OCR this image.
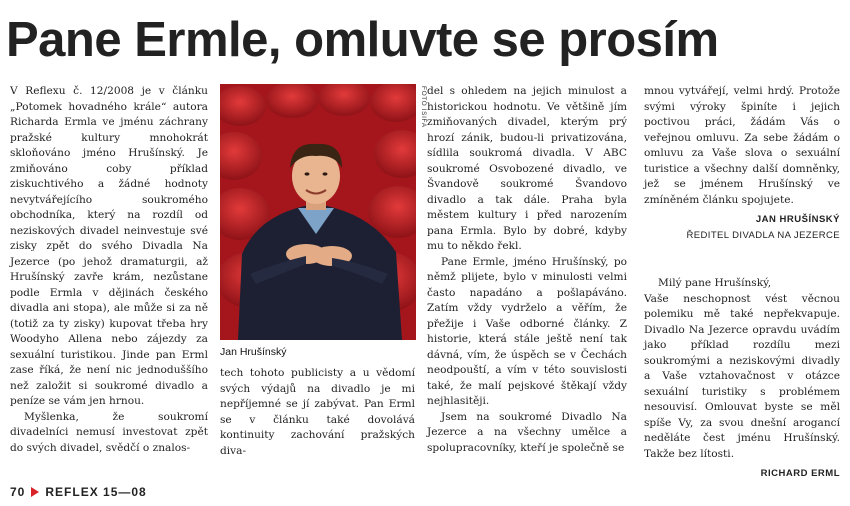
Pane Ermle, omluvte se prosím

V Reflexu č. 12/2008 je v článku „Potomek hovadného krále“ autora Richarda Ermla ve jménu záchrany pražské kultury mnohokrát skloňováno jméno Hrušínský. Je zmiňováno coby příklad ziskuchtivého a žádné hodnoty nevytvářejícího soukromého obchodníka, který na rozdíl od neziskových divadel neinvestuje své zisky zpět do svého Divadla Na Jezerce (po jehož dramaturgii, až Hrušínský zavře krám, nezůstane podle Ermla v dějinách českého divadla ani stopa), ale může si za ně (totiž za ty zisky) kupovat třeba hry Woodyho Allena nebo zájezdy za sexuální turistikou. Jinde pan Erml zase říká, že není nic jednoduššího než založit si soukromé divadlo a peníze se vám jen hrnou.

Myšlenka, že soukromí divadelníci nemusí investovat zpět do svých divadel, svědčí o znalos-

FOTO ISIFA
Jan Hrušínský

tech tohoto publicisty a u vědomí svých výdajů na divadlo je mi nepříjemné se jí zabývat. Pan Erml se v článku také dovolává kontinuity zachování pražských diva-

del s ohledem na jejich minulost a historickou hodnotu. Ve většině jím zmiňovaných divadel, kterým prý hrozí zánik, budou-li privatizována, sídlila soukromá divadla. V ABC soukromé Osvobozené divadlo, ve Švandově soukromé Švandovo divadlo a tak dále. Praha byla městem kultury i před narozením pana Ermla. Bylo by dobré, kdyby mu to někdo řekl.

Pane Ermle, jméno Hrušínský, po němž plijete, bylo v minulosti velmi často napadáno a pošlapáváno. Zatím vždy vydrželo a věřím, že přežije i Vaše odborné články. Z historie, která stále ještě není tak dávná, vím, že úspěch se v Čechách neodpouští, a vím v této souvislosti také, že malí pejskové štěkají vždy nejhlasitěji.

Jsem na soukromé Divadlo Na Jezerce a na všechny umělce a spolupracovníky, kteří je společně se

mnou vytvářejí, velmi hrdý. Protože svými výroky špiníte i jejich poctivou práci, žádám Vás o veřejnou omluvu. Za sebe žádám o omluvu za Vaše slova o sexuální turistice a všechny další domněnky, jež se jménem Hrušínský ve zmíněném článku spojujete.

JAN HRUŠÍNSKÝ
ŘEDITEL DIVADLA NA JEZERCE

Milý pane Hrušínský,

Vaše neschopnost vést věcnou polemiku mě také nepřekvapuje. Divadlo Na Jezerce opravdu uvádím jako příklad rozdílu mezi soukromými a neziskovými divadly a Vaše vztahovačnost v otázce sexuální turistiky s problémem nesouvisí. Omlouvat byste se měl spíše Vy, za svou dnešní arogancí neděláte čest jménu Hrušínský. Takže bez lítosti.

RICHARD ERML
70 REFLEX 15—08
